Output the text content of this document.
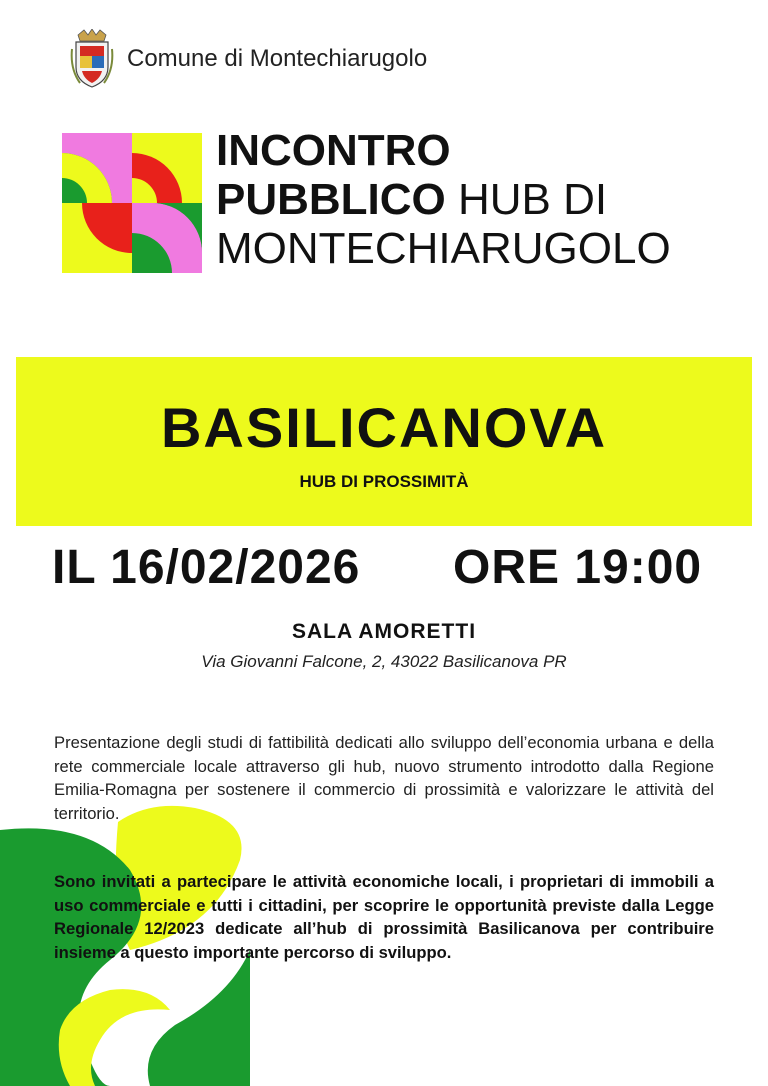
Comune di Montechiarugolo
INCONTRO
PUBBLICO HUB DI
MONTECHIARUGOLO
BASILICANOVA
HUB DI PROSSIMITÀ
IL 16/02/2026 ORE 19:00
SALA AMORETTI
Via Giovanni Falcone, 2, 43022 Basilicanova PR
Presentazione degli studi di fattibilità dedicati allo sviluppo dell’economia urbana e della rete commerciale locale attraverso gli hub, nuovo strumento introdotto dalla Regione Emilia-Romagna per sostenere il commercio di prossimità e valorizzare le attività del territorio.
Sono invitati a partecipare le attività economiche locali, i proprietari di immobili a uso commerciale e tutti i cittadini, per scoprire le opportunità previste dalla Legge Regionale 12/2023 dedicate all’hub di prossimità Basilicanova per contribuire insieme a questo importante percorso di sviluppo.
